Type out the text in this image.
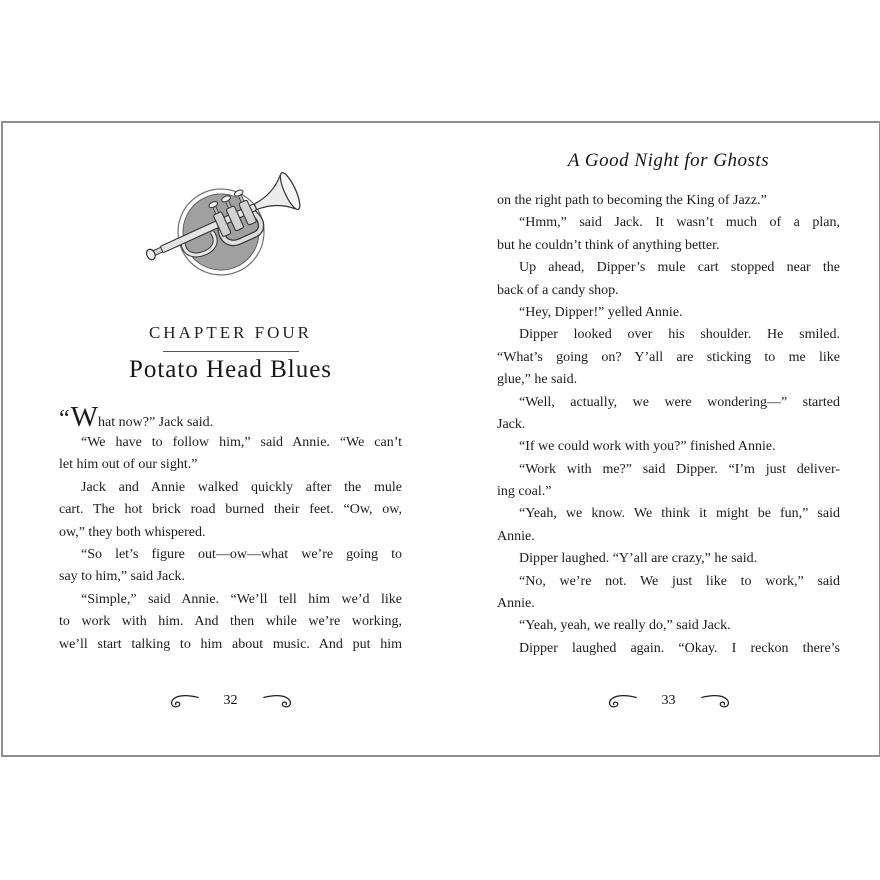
CHAPTER FOUR
Potato Head Blues
“What now?” Jack said.
“We have to follow him,” said Annie. “We can’t
let him out of our sight.”
Jack and Annie walked quickly after the mule
cart. The hot brick road burned their feet. “Ow, ow,
ow,” they both whispered.
“So let’s figure out—ow—what we’re going to
say to him,” said Jack.
“Simple,” said Annie. “We’ll tell him we’d like
to work with him. And then while we’re working,
we’ll start talking to him about music. And put him
32
A Good Night for Ghosts
on the right path to becoming the King of Jazz.”
“Hmm,” said Jack. It wasn’t much of a plan,
but he couldn’t think of anything better.
Up ahead, Dipper’s mule cart stopped near the
back of a candy shop.
“Hey, Dipper!” yelled Annie.
Dipper looked over his shoulder. He smiled.
“What’s going on? Y’all are sticking to me like
glue,” he said.
“Well, actually, we were wondering—” started
Jack.
“If we could work with you?” finished Annie.
“Work with me?” said Dipper. “I’m just deliver-
ing coal.”
“Yeah, we know. We think it might be fun,” said
Annie.
Dipper laughed. “Y’all are crazy,” he said.
“No, we’re not. We just like to work,” said
Annie.
“Yeah, yeah, we really do,” said Jack.
Dipper laughed again. “Okay. I reckon there’s
33
